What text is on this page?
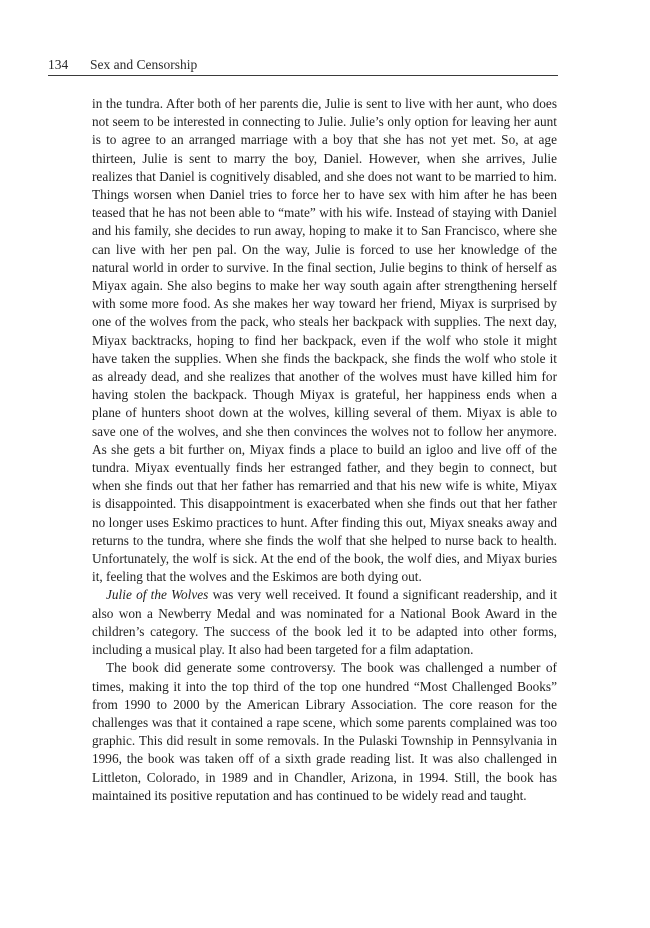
134 Sex and Censorship

in the tundra. After both of her parents die, Julie is sent to live with her aunt, who does not seem to be interested in connecting to Julie. Julie’s only option for leaving her aunt is to agree to an arranged marriage with a boy that she has not yet met. So, at age thirteen, Julie is sent to marry the boy, Daniel. However, when she arrives, Julie realizes that Daniel is cognitively disabled, and she does not want to be married to him. Things worsen when Daniel tries to force her to have sex with him after he has been teased that he has not been able to “mate” with his wife. Instead of staying with Daniel and his family, she decides to run away, hoping to make it to San Francisco, where she can live with her pen pal. On the way, Julie is forced to use her knowledge of the natural world in order to survive. In the final section, Julie begins to think of herself as Miyax again. She also begins to make her way south again after strengthening herself with some more food. As she makes her way toward her friend, Miyax is surprised by one of the wolves from the pack, who steals her backpack with supplies. The next day, Miyax backtracks, hoping to find her backpack, even if the wolf who stole it might have taken the supplies. When she finds the backpack, she finds the wolf who stole it as already dead, and she realizes that another of the wolves must have killed him for having stolen the backpack. Though Miyax is grateful, her happiness ends when a plane of hunters shoot down at the wolves, killing several of them. Miyax is able to save one of the wolves, and she then convinces the wolves not to follow her anymore. As she gets a bit further on, Miyax finds a place to build an igloo and live off of the tundra. Miyax eventually finds her estranged father, and they begin to connect, but when she finds out that her father has remarried and that his new wife is white, Miyax is disappointed. This disappointment is exacerbated when she finds out that her father no longer uses Eskimo practices to hunt. After finding this out, Miyax sneaks away and returns to the tundra, where she finds the wolf that she helped to nurse back to health. Unfortunately, the wolf is sick. At the end of the book, the wolf dies, and Miyax buries it, feeling that the wolves and the Eskimos are both dying out.

Julie of the Wolves was very well received. It found a significant readership, and it also won a Newberry Medal and was nominated for a National Book Award in the children’s category. The success of the book led it to be adapted into other forms, including a musical play. It also had been targeted for a film adaptation.

The book did generate some controversy. The book was challenged a number of times, making it into the top third of the top one hundred “Most Challenged Books” from 1990 to 2000 by the American Library Association. The core reason for the challenges was that it contained a rape scene, which some parents complained was too graphic. This did result in some removals. In the Pulaski Township in Pennsylvania in 1996, the book was taken off of a sixth grade reading list. It was also challenged in Littleton, Colorado, in 1989 and in Chandler, Arizona, in 1994. Still, the book has maintained its positive reputation and has continued to be widely read and taught.
